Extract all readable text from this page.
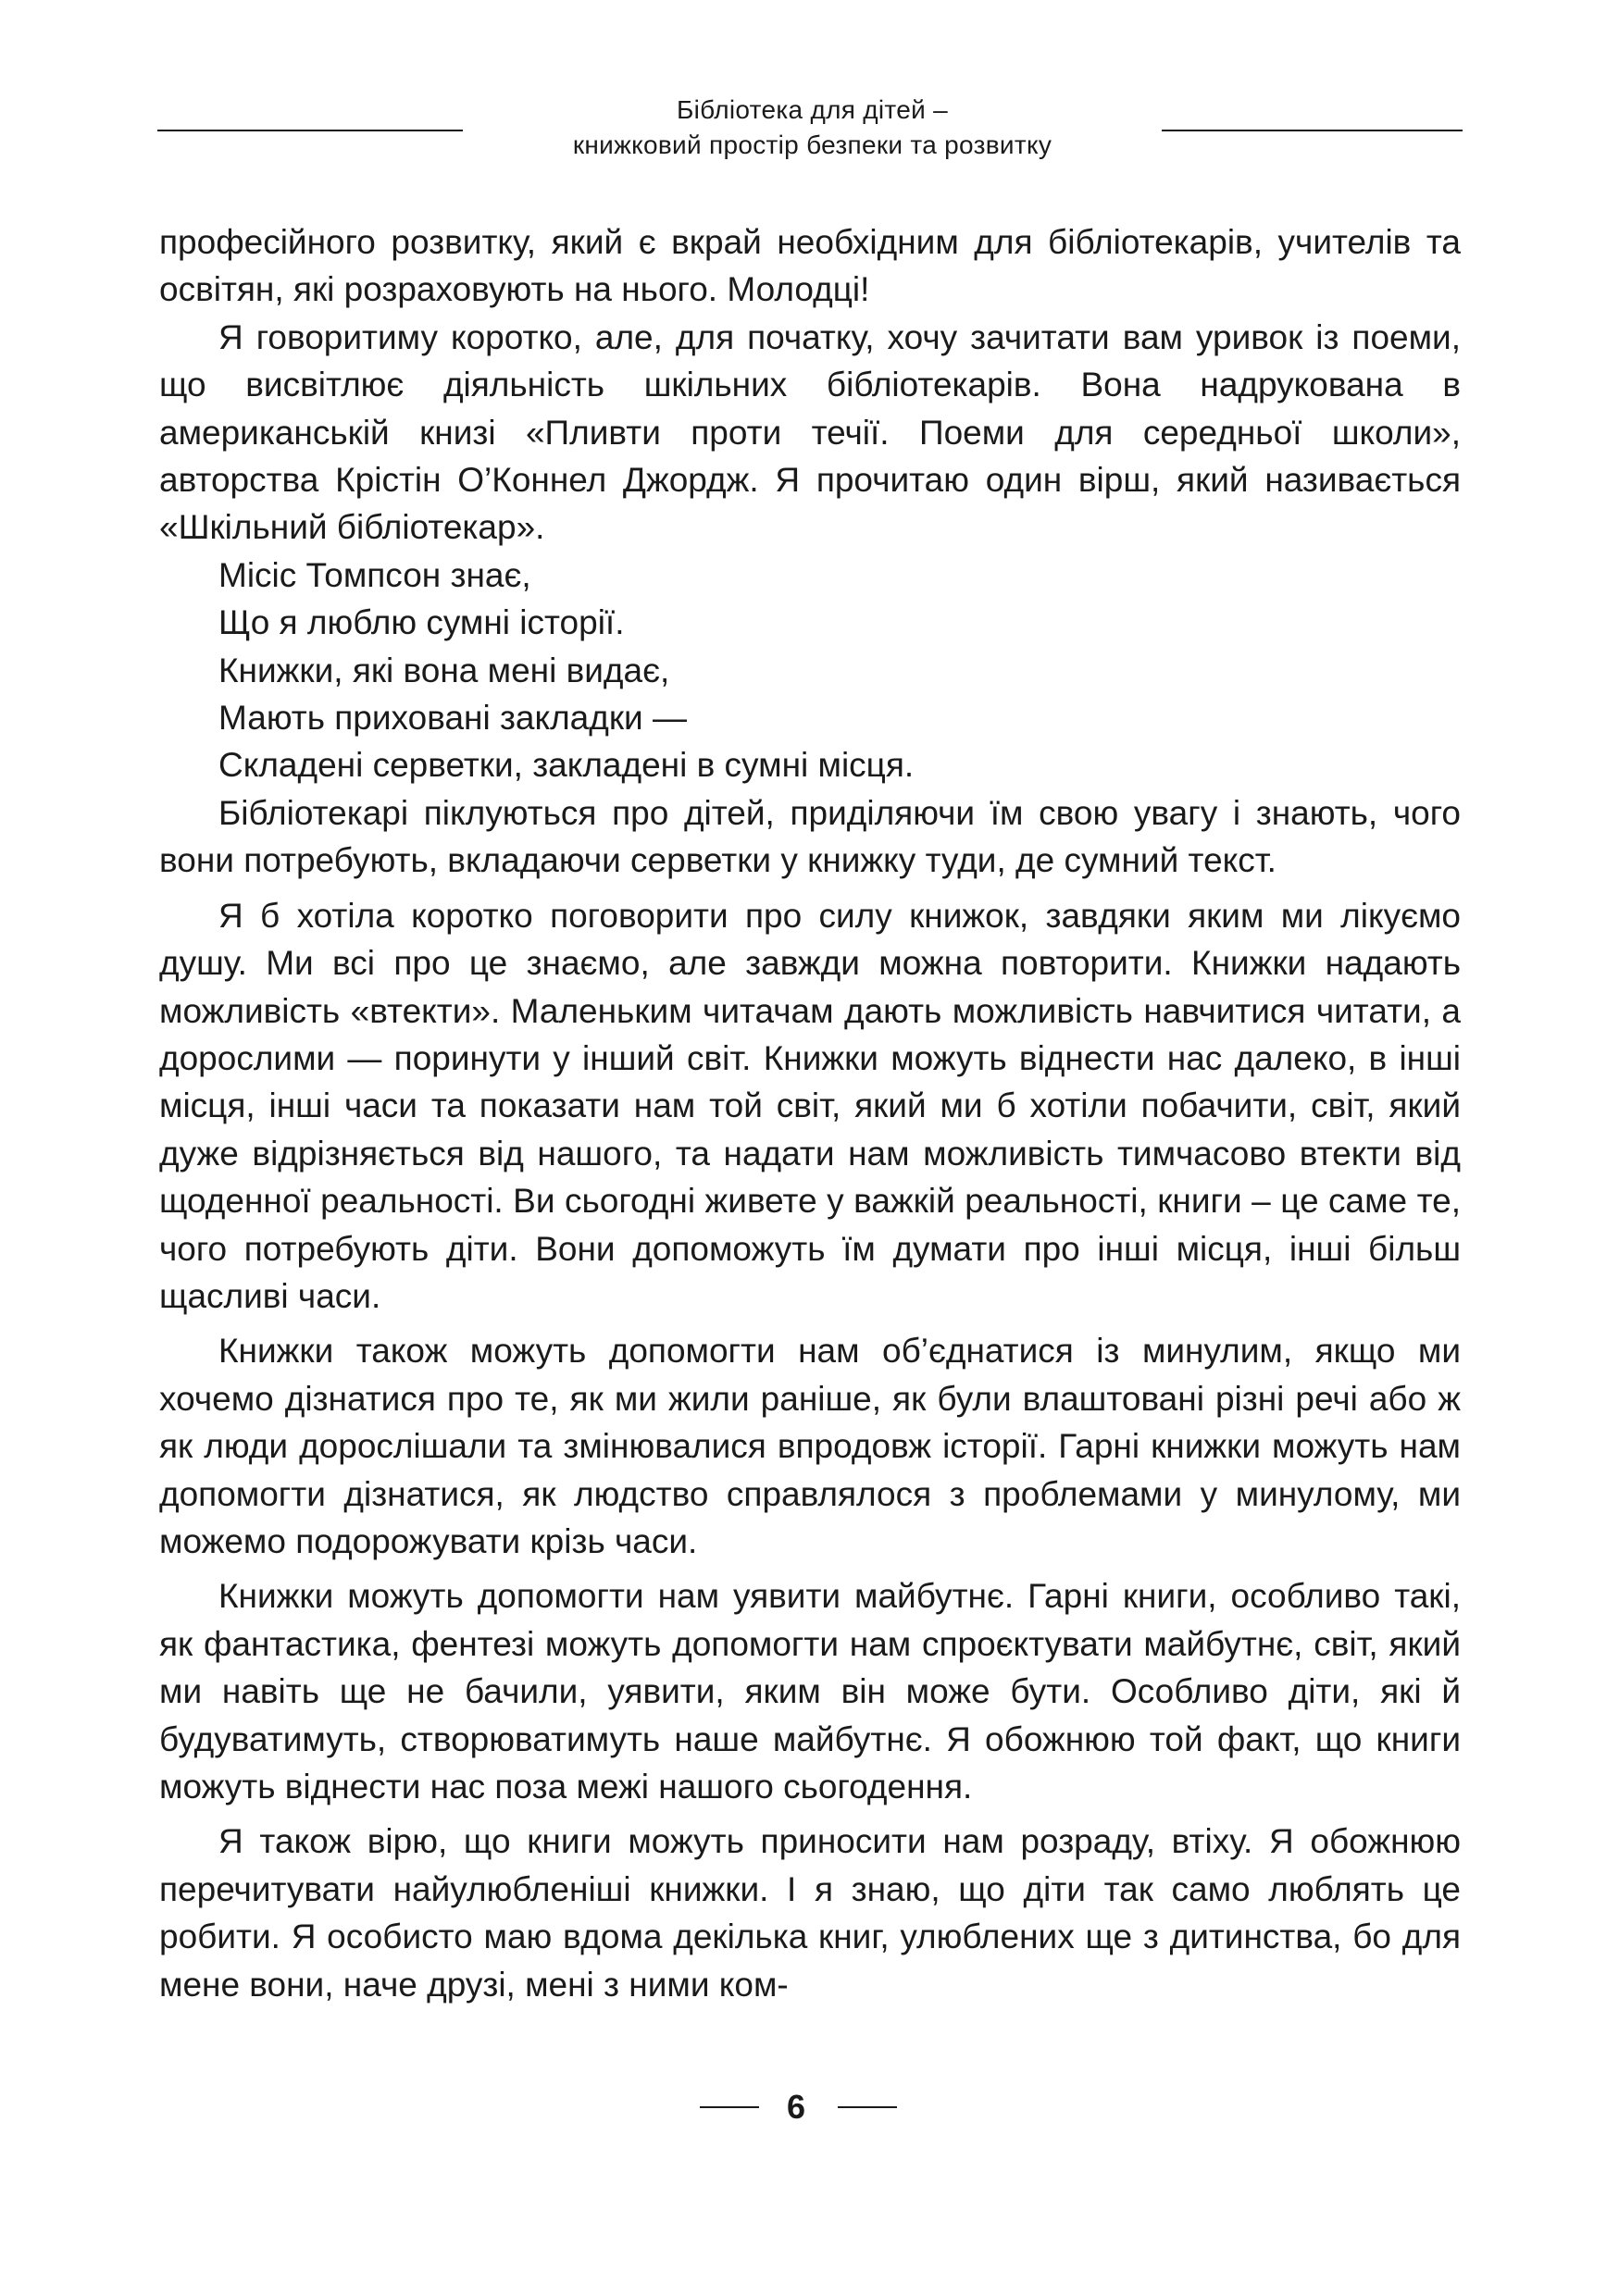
Бібліотека для дітей –
книжковий простір безпеки та розвитку

професійного розвитку, який є вкрай необхідним для бібліотекарів, учителів та освітян, які розраховують на нього. Молодці!

Я говоритиму коротко, але, для початку, хочу зачитати вам уривок із поеми, що висвітлює діяльність шкільних бібліотекарів. Вона надрукована в американській книзі «Пливти проти течії. Поеми для середньої школи», авторства Крістін О’Коннел Джордж. Я прочитаю один вірш, який називається «Шкільний бібліотекар».

Місіс Томпсон знає,

Що я люблю сумні історії.

Книжки, які вона мені видає,

Мають приховані закладки —

Складені серветки, закладені в сумні місця.

Бібліотекарі піклуються про дітей, приділяючи їм свою увагу і знають, чого вони потребують, вкладаючи серветки у книжку туди, де сумний текст.

Я б хотіла коротко поговорити про силу книжок, завдяки яким ми лікуємо душу. Ми всі про це знаємо, але завжди можна повторити. Книжки надають можливість «втекти». Маленьким читачам дають можливість навчитися читати, а дорослими — поринути у інший світ. Книжки можуть віднести нас далеко, в інші місця, інші часи та показати нам той світ, який ми б хотіли побачити, світ, який дуже відрізняється від нашого, та надати нам можливість тимчасово втекти від щоденної реальності. Ви сьогодні живете у важкій реальності, книги – це саме те, чого потребують діти. Вони допоможуть їм думати про інші місця, інші більш щасливі часи.

Книжки також можуть допомогти нам об’єднатися із минулим, якщо ми хочемо дізнатися про те, як ми жили раніше, як були влаштовані різні речі або ж як люди дорослішали та змінювалися впродовж історії. Гарні книжки можуть нам допомогти дізнатися, як людство справлялося з проблемами у минулому, ми можемо подорожувати крізь часи.

Книжки можуть допомогти нам уявити майбутнє. Гарні книги, особливо такі, як фантастика, фентезі можуть допомогти нам спроєктувати майбутнє, світ, який ми навіть ще не бачили, уявити, яким він може бути. Особливо діти, які й будуватимуть, створюватимуть наше майбутнє. Я обожнюю той факт, що книги можуть віднести нас поза межі нашого сьогодення.

Я також вірю, що книги можуть приносити нам розраду, втіху. Я обожнюю перечитувати найулюбленіші книжки. І я знаю, що діти так само люблять це робити. Я особисто маю вдома декілька книг, улюблених ще з дитинства, бо для мене вони, наче друзі, мені з ними ком-

6
